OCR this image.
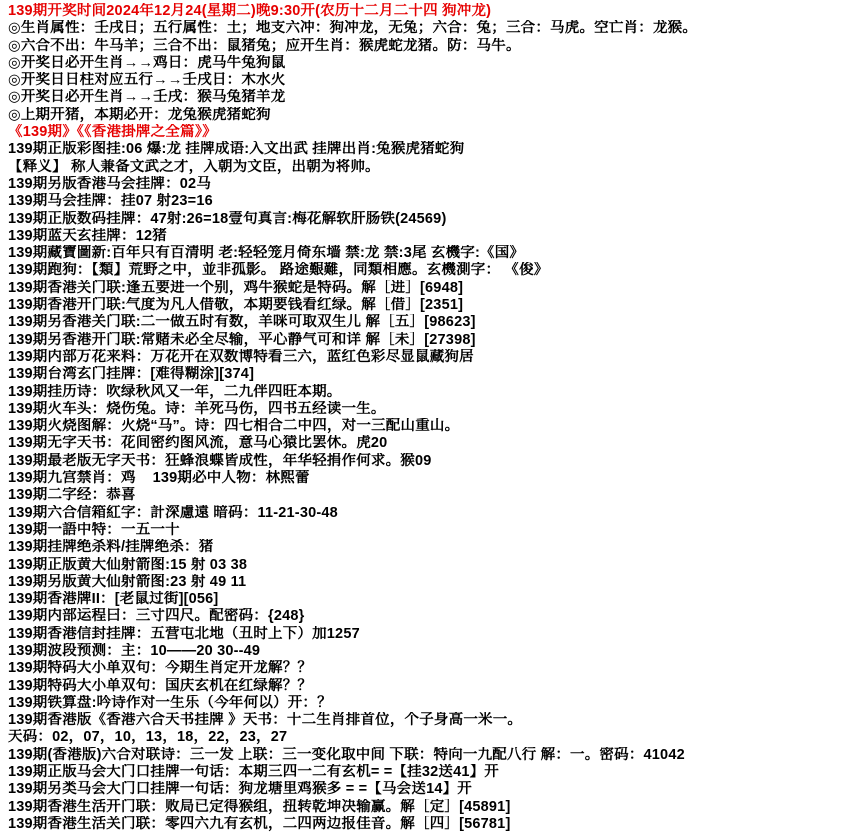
139期开奖时间2024年12月24(星期二)晚9:30开(农历十二月二十四 狗冲龙)
◎生肖属性：壬戌日；五行属性：土；地支六冲：狗冲龙，无兔；六合：兔；三合：马虎。空亡肖：龙猴。
◎六合不出：牛马羊；三合不出：鼠猪兔；应开生肖：猴虎蛇龙猪。防：马牛。
◎开奖日必开生肖→→鸡日：虎马牛兔狗鼠
◎开奖日日柱对应五行→→壬戌日：木水火
◎开奖日必开生肖→→壬戌：猴马兔猪羊龙
◎上期开猪，本期必开：龙兔猴虎猪蛇狗
《139期》《《香港掛牌之全篇》》
139期正版彩图挂:06 爆:龙 挂牌成语:入文出武 挂牌出肖:兔猴虎猪蛇狗
【释义】 称人兼备文武之才，入朝为文臣，出朝为将帅。
139期另版香港马会挂牌：02马
139期马会挂牌：挂07 射23=16
139期正版数码挂牌：47射:26=18壹句真言:梅花解软肝肠铁(24569)
139期蓝天玄挂牌：12猪
139期藏寶圖新:百年只有百清明 老:轻轻笼月倚东墙 禁:龙 禁:3尾 玄機字:《国》
139期跑狗：【類】荒野之中，並非孤影。 路途艱難，同類相應。玄機測字： 《俊》
139期香港关门联:逢五要进一个别，鸡牛猴蛇是特码。解［进］[6948]
139期香港开门联:气度为凡人借敬，本期要钱看红绿。解［借］[2351]
139期另香港关门联:二一做五时有数，羊咪可取双生儿 解［五］[98623]
139期另香港开门联:常赌未必全尽输，平心静气可和详 解［未］[27398]
139期内部万花来料：万花开在双数博特看三六，蓝红色彩尽显鼠藏狗居
139期台湾玄门挂牌：[难得糊涂][374]
139期挂历诗：吹绿秋风又一年，二九伴四旺本期。
139期火车头：烧伤兔。诗：羊死马伤，四书五经读一生。
139期火烧图解：火烧“马”。诗：四七相合二中四，对一三配山重山。
139期无字天书：花间密约图风流，意马心猿比罢休。虎20
139期最老版无字天书：狂蜂浪蝶皆成性，年华轻捐作何求。猴09
139期九宫禁肖：鸡    139期必中人物：林熙蕾
139期二字经：恭喜
139期六合信箱紅字：計深慮遠 暗码：11-21-30-48
139期一語中特：一五一十
139期挂牌绝杀料/挂牌绝杀：猪
139期正版黄大仙射箭图:15 射 03 38
139期另版黄大仙射箭图:23 射 49 11
139期香港牌II：[老鼠过街][056]
139期内部运程曰：三寸四尺。配密码：{248}
139期香港信封挂牌：五营屯北地（丑时上下）加1257
139期波段预测：主：10——20 30--49
139期特码大小单双句：今期生肖定开龙解？？
139期特码大小单双句：国庆玄机在红绿解？？
139期铁算盘:吟诗作对一生乐（今年何以）开：？
139期香港版《香港六合天书挂牌 》天书：十二生肖排首位，个子身高一米一。
天码：02，07，10，13，18，22，23，27
139期(香港版)六合对联诗：三一发 上联：三一变化取中间 下联：特向一九配八行 解：一。密码：41042
139期正版马会大门口挂牌一句话：本期三四一二有玄机= =【挂32送41】开
139期另类马会大门口挂牌一句话：狗龙塘里鸡猴多 = =【马会送14】开
139期香港生活开门联：败局已定得猴组，扭转乾坤决输赢。解［定］[45891]
139期香港生活关门联：零四六九有玄机，二四两边报佳音。解［四］[56781]
